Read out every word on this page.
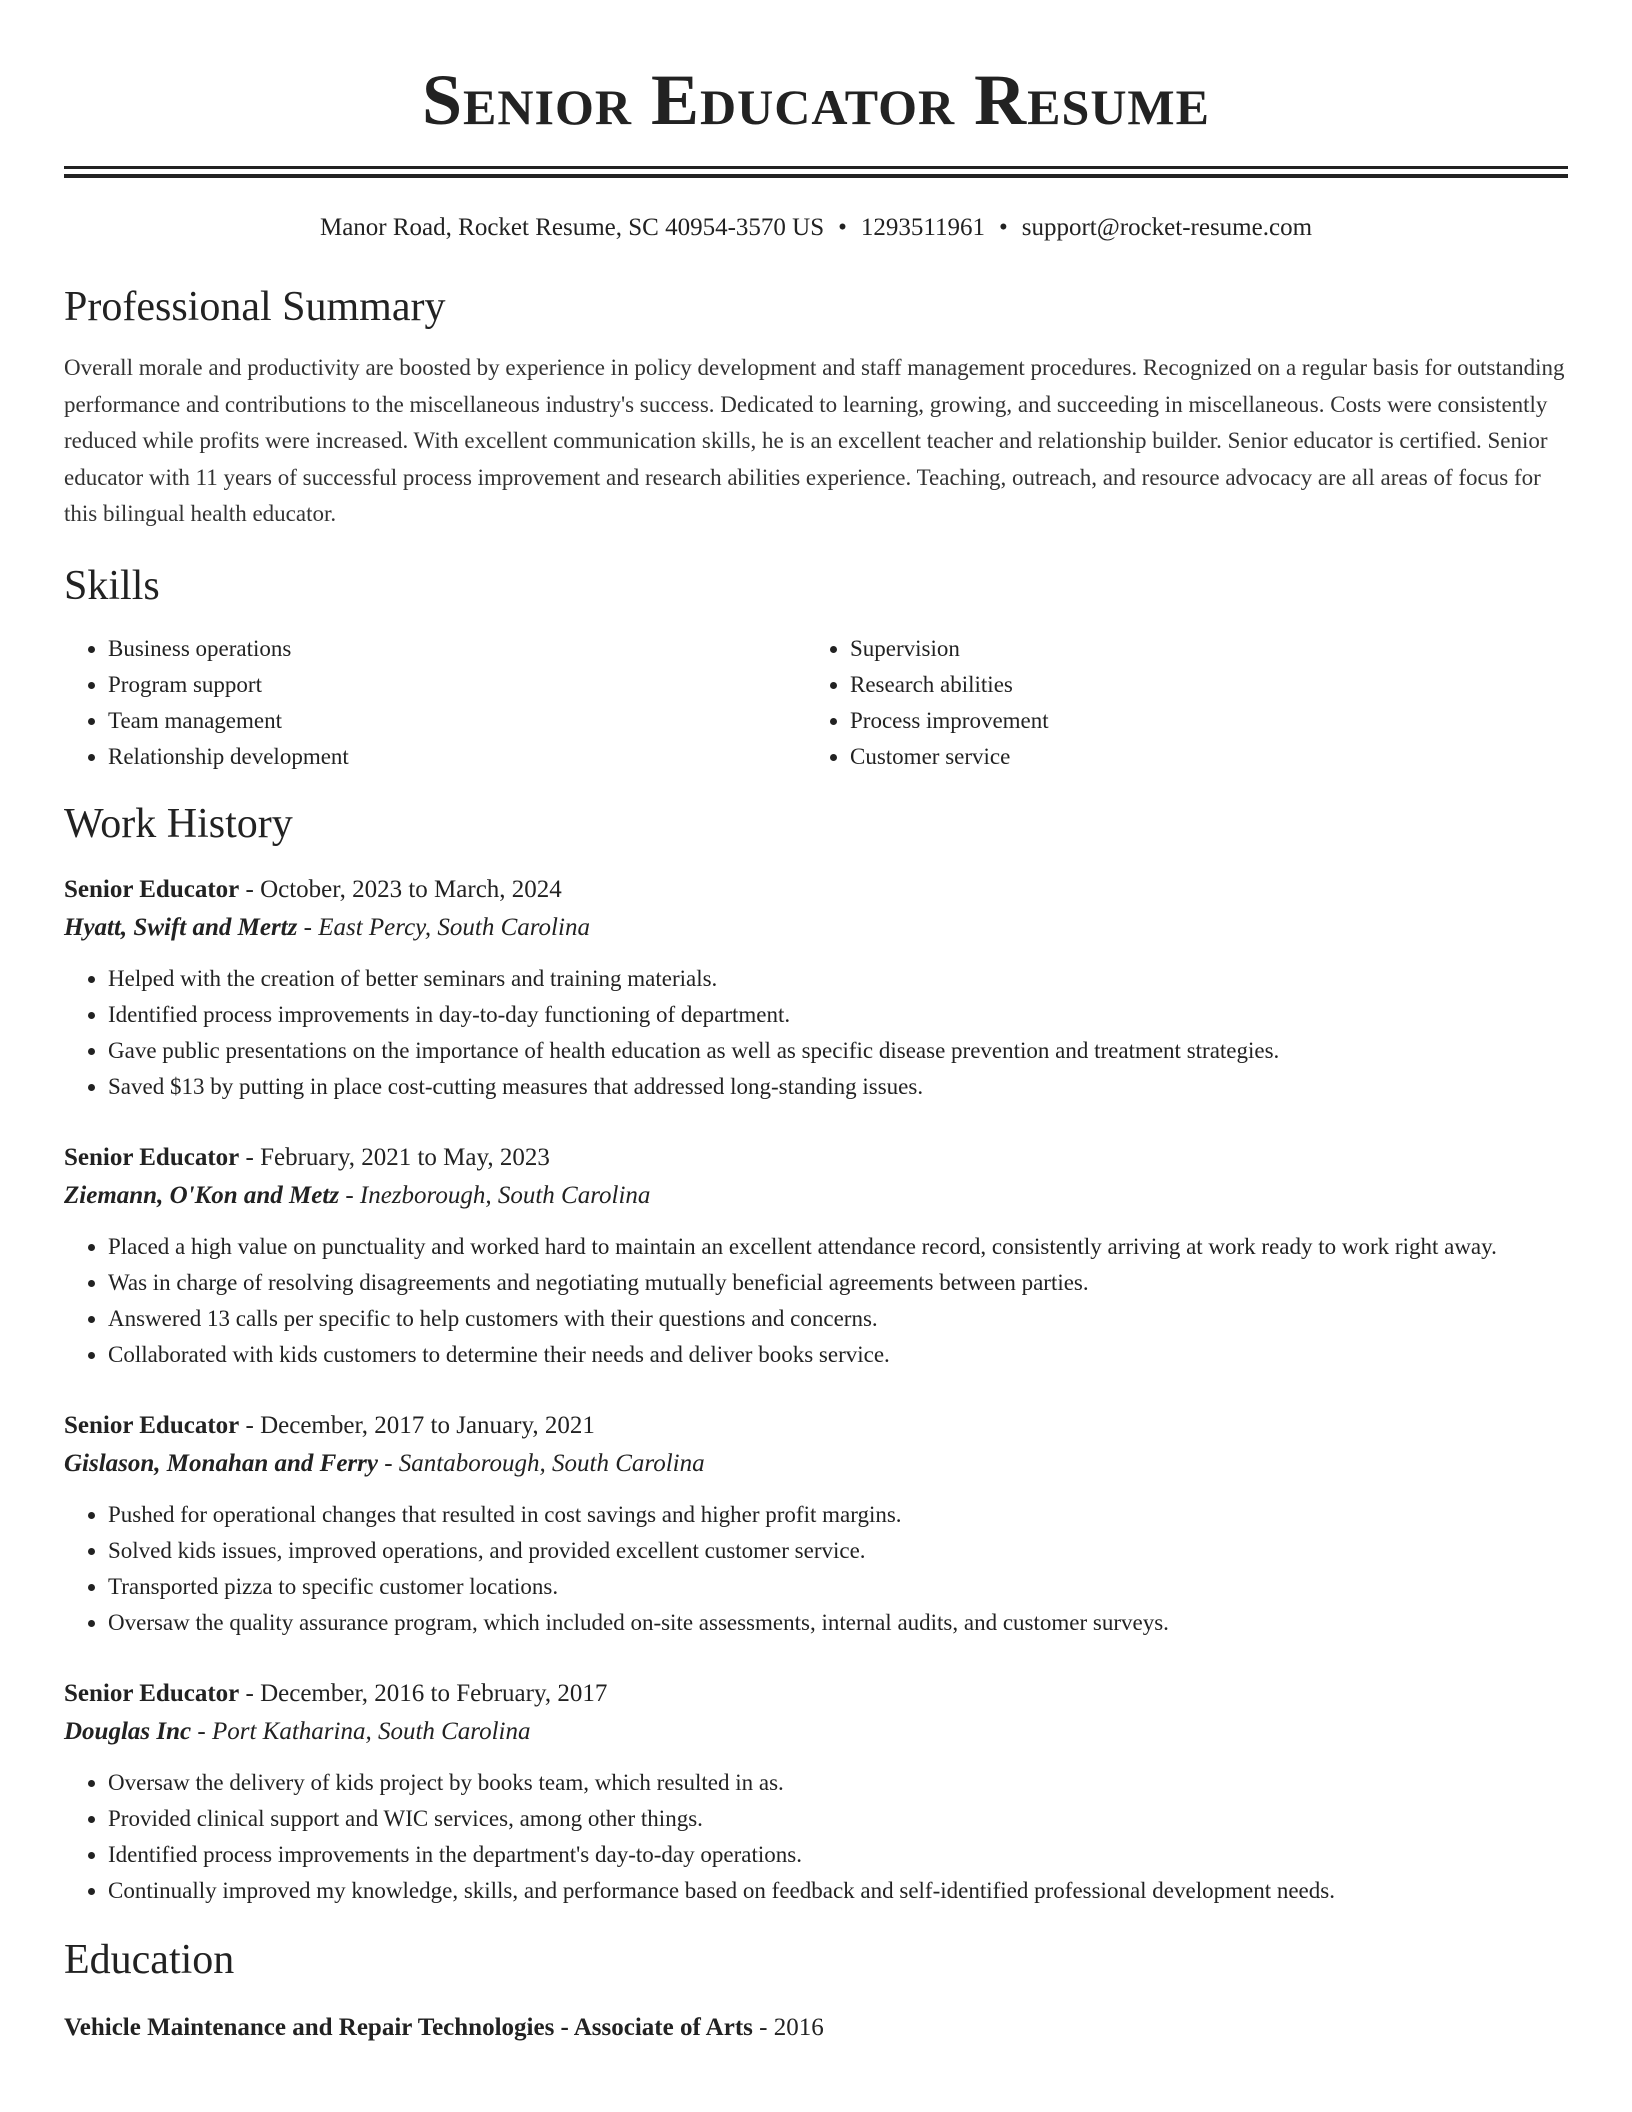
Senior Educator Resume
Manor Road, Rocket Resume, SC 40954-3570 US • 1293511961 • support@rocket-resume.com
Professional Summary

Overall morale and productivity are boosted by experience in policy development and staff management procedures. Recognized on a regular basis for outstanding performance and contributions to the miscellaneous industry's success. Dedicated to learning, growing, and succeeding in miscellaneous. Costs were consistently reduced while profits were increased. With excellent communication skills, he is an excellent teacher and relationship builder. Senior educator is certified. Senior educator with 11 years of successful process improvement and research abilities experience. Teaching, outreach, and resource advocacy are all areas of focus for this bilingual health educator.

Skills
• Business operations
• Program support
• Team management
• Relationship development
• Supervision
• Research abilities
• Process improvement
• Customer service
Work History
Senior Educator - October, 2023 to March, 2024
Hyatt, Swift and Mertz - East Percy, South Carolina
• Helped with the creation of better seminars and training materials.
• Identified process improvements in day-to-day functioning of department.
• Gave public presentations on the importance of health education as well as specific disease prevention and treatment strategies.
• Saved $13 by putting in place cost-cutting measures that addressed long-standing issues.
Senior Educator - February, 2021 to May, 2023
Ziemann, O'Kon and Metz - Inezborough, South Carolina
• Placed a high value on punctuality and worked hard to maintain an excellent attendance record, consistently arriving at work ready to work right away.
• Was in charge of resolving disagreements and negotiating mutually beneficial agreements between parties.
• Answered 13 calls per specific to help customers with their questions and concerns.
• Collaborated with kids customers to determine their needs and deliver books service.
Senior Educator - December, 2017 to January, 2021
Gislason, Monahan and Ferry - Santaborough, South Carolina
• Pushed for operational changes that resulted in cost savings and higher profit margins.
• Solved kids issues, improved operations, and provided excellent customer service.
• Transported pizza to specific customer locations.
• Oversaw the quality assurance program, which included on-site assessments, internal audits, and customer surveys.
Senior Educator - December, 2016 to February, 2017
Douglas Inc - Port Katharina, South Carolina
• Oversaw the delivery of kids project by books team, which resulted in as.
• Provided clinical support and WIC services, among other things.
• Identified process improvements in the department's day-to-day operations.
• Continually improved my knowledge, skills, and performance based on feedback and self-identified professional development needs.
Education
Vehicle Maintenance and Repair Technologies - Associate of Arts - 2016
